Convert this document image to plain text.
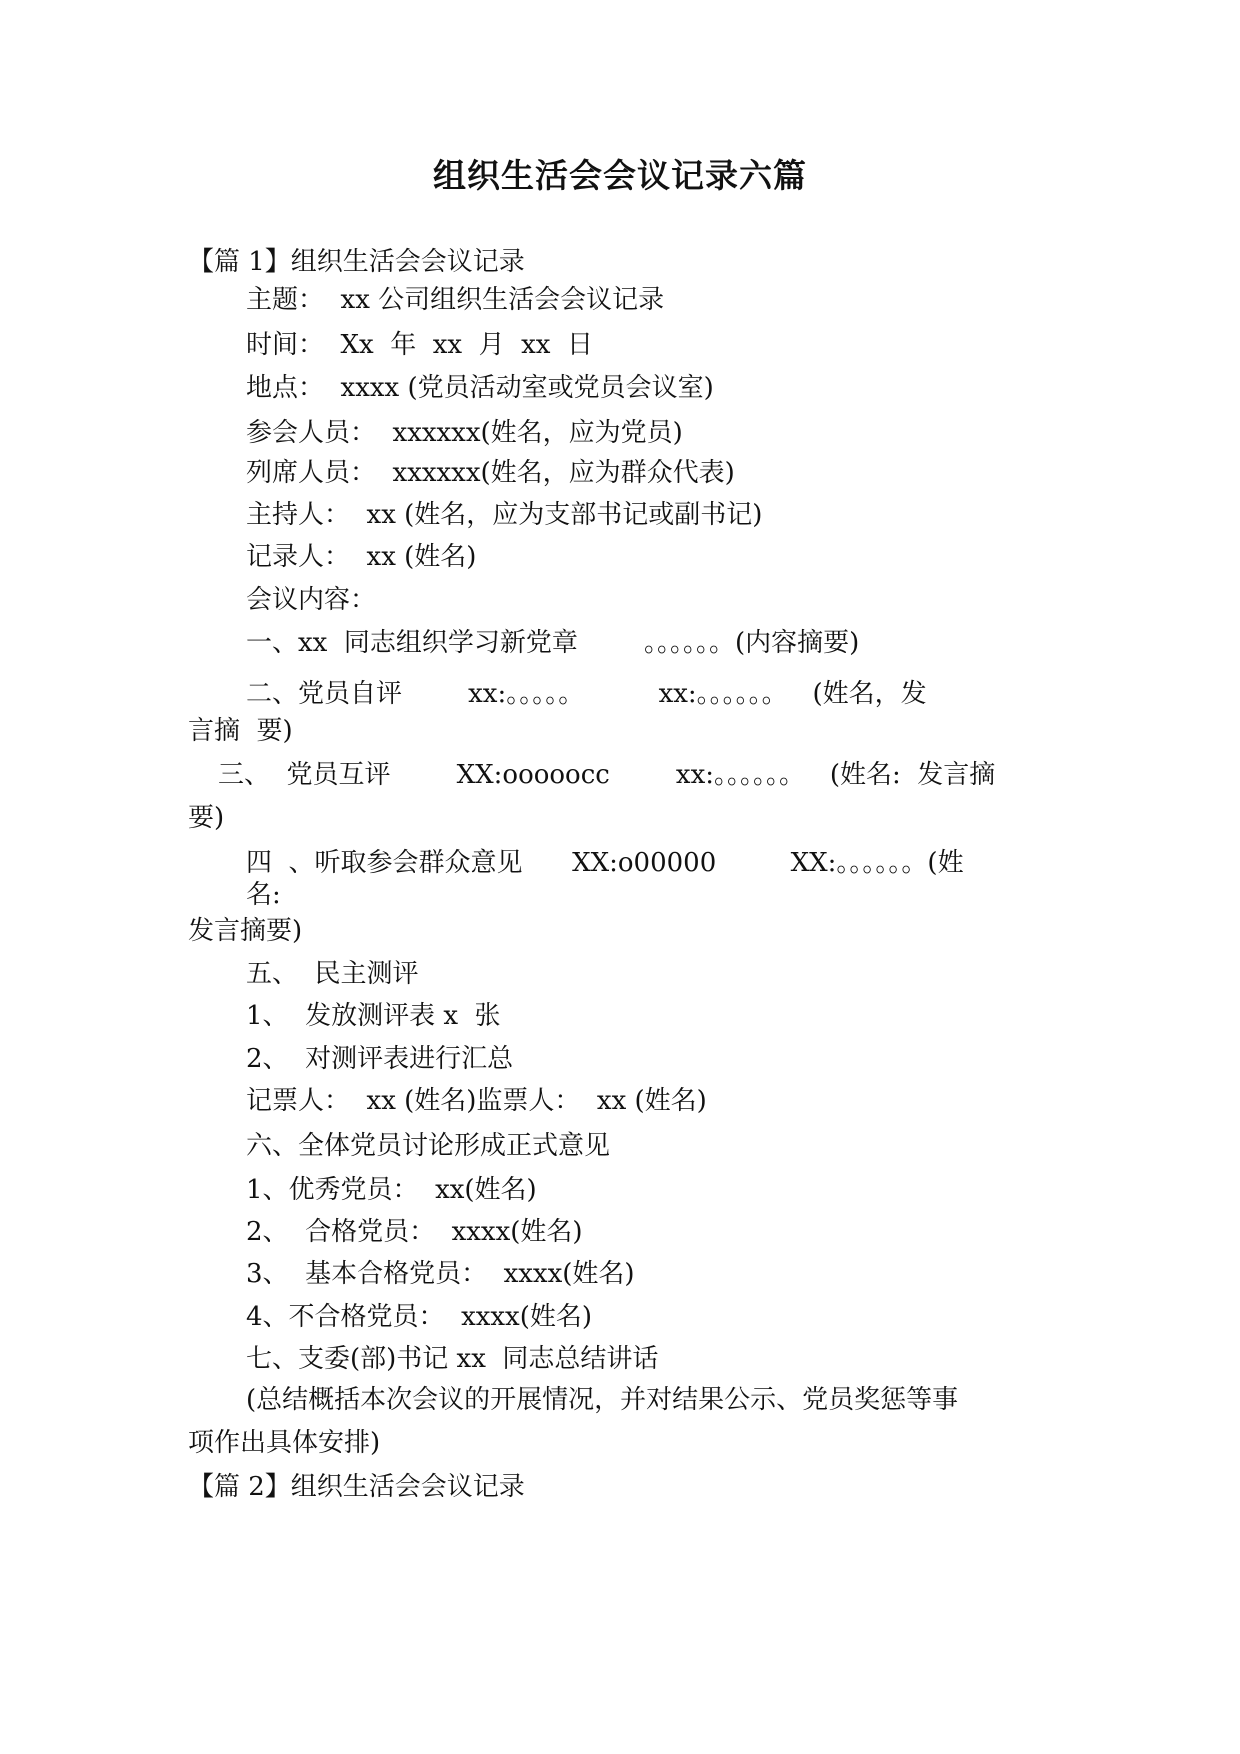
组织生活会会议记录六篇
【篇 1】组织生活会会议记录
主题：  xx 公司组织生活会会议记录
时间：  Xx  年  xx  月  xx  日
地点：  xxxx (党员活动室或党员会议室)
参会人员：  xxxxxx(姓名，应为党员)
列席人员：  xxxxxx(姓名，应为群众代表)
主持人：  xx (姓名，应为支部书记或副书记)
记录人：  xx (姓名)
会议内容：
一、xx  同志组织学习新党章        。。。。。。(内容摘要)
二、党员自评        xx:。。。。。         xx:。。。。。。   (姓名，发
言摘  要)
三、  党员互评        XX:ooooocc        xx:。。。。。。   (姓名:  发言摘
要)
四  、听取参会群众意见      XX:o00000         XX:。。。。。。(姓
名:
发言摘要)
五、  民主测评
1、  发放测评表 x  张
2、  对测评表进行汇总
记票人：  xx (姓名)监票人：  xx (姓名)
六、全体党员讨论形成正式意见
1、优秀党员：  xx(姓名)
2、  合格党员：  xxxx(姓名)
3、  基本合格党员：  xxxx(姓名)
4、不合格党员：  xxxx(姓名)
七、支委(部)书记 xx  同志总结讲话
(总结概括本次会议的开展情况，并对结果公示、党员奖惩等事
项作出具体安排)
【篇 2】组织生活会会议记录
